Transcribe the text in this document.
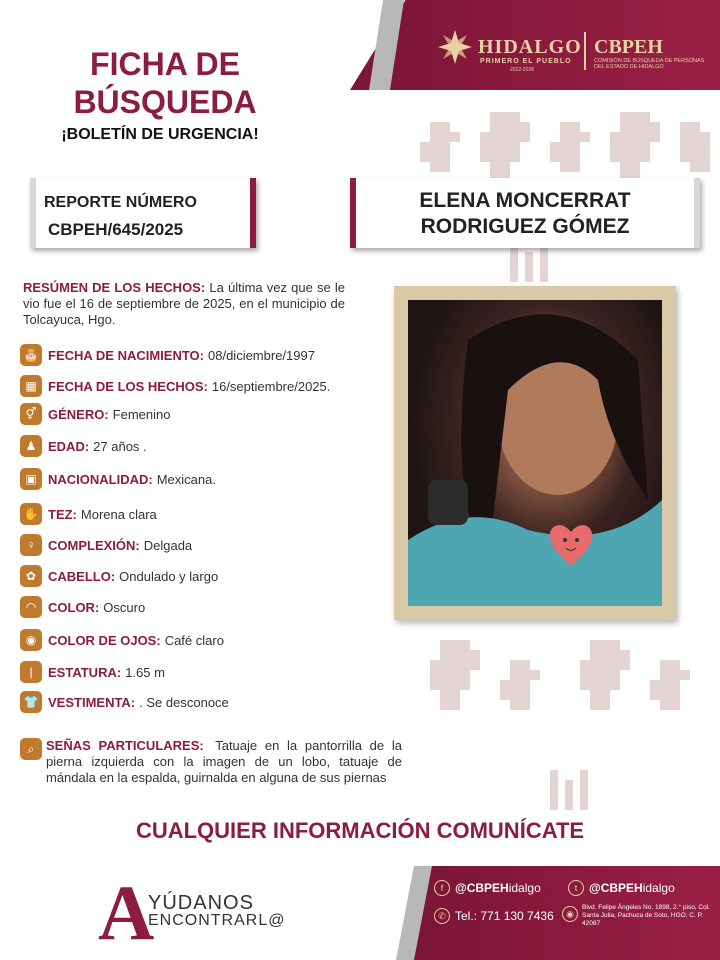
HIDALGO
PRIMERO EL PUEBLO
2022-2028
CBPEH
COMISIÓN DE BÚSQUEDA DE PERSONAS DEL ESTADO DE HIDALGO
FICHA DE
BÚSQUEDA
¡BOLETÍN DE URGENCIA!
REPORTE NÚMERO
CBPEH/645/2025
ELENA MONCERRAT
RODRIGUEZ GÓMEZ
RESÚMEN DE LOS HECHOS: La última vez que se le vio fue el 16 de septiembre de 2025, en el municipio de Tolcayuca, Hgo.
🎂 FECHA DE NACIMIENTO: 08/diciembre/1997
▦ FECHA DE LOS HECHOS: 16/septiembre/2025.
⚥ GÉNERO: Femenino
♟ EDAD: 27 años .
▣ NACIONALIDAD: Mexicana.
✋ TEZ: Morena clara
♀ COMPLEXIÓN: Delgada
✿ CABELLO: Ondulado y largo
◠ COLOR: Oscuro
◉ COLOR DE OJOS: Café claro
|	ESTATURA: 1.65 m
👕 VESTIMENTA: . Se desconoce
⌕ SEÑAS PARTICULARES: Tatuaje en la pantorrilla de la pierna izquierda con la imagen de un lobo, tatuaje de mándala en la espalda, guirnalda en alguna de sus piernas
CUALQUIER INFORMACIÓN COMUNÍCATE
A
YÚDANOS
ENCONTRARL@
f @CBPEH idalgo	t @CBPEH idalgo
✆ Tel.: 771 130 7436	◉
Blvd. Felipe Ángeles No. 1898, 2.° piso, Col. Santa Julia, Pachuca de Soto, HGO; C. P. 42087
